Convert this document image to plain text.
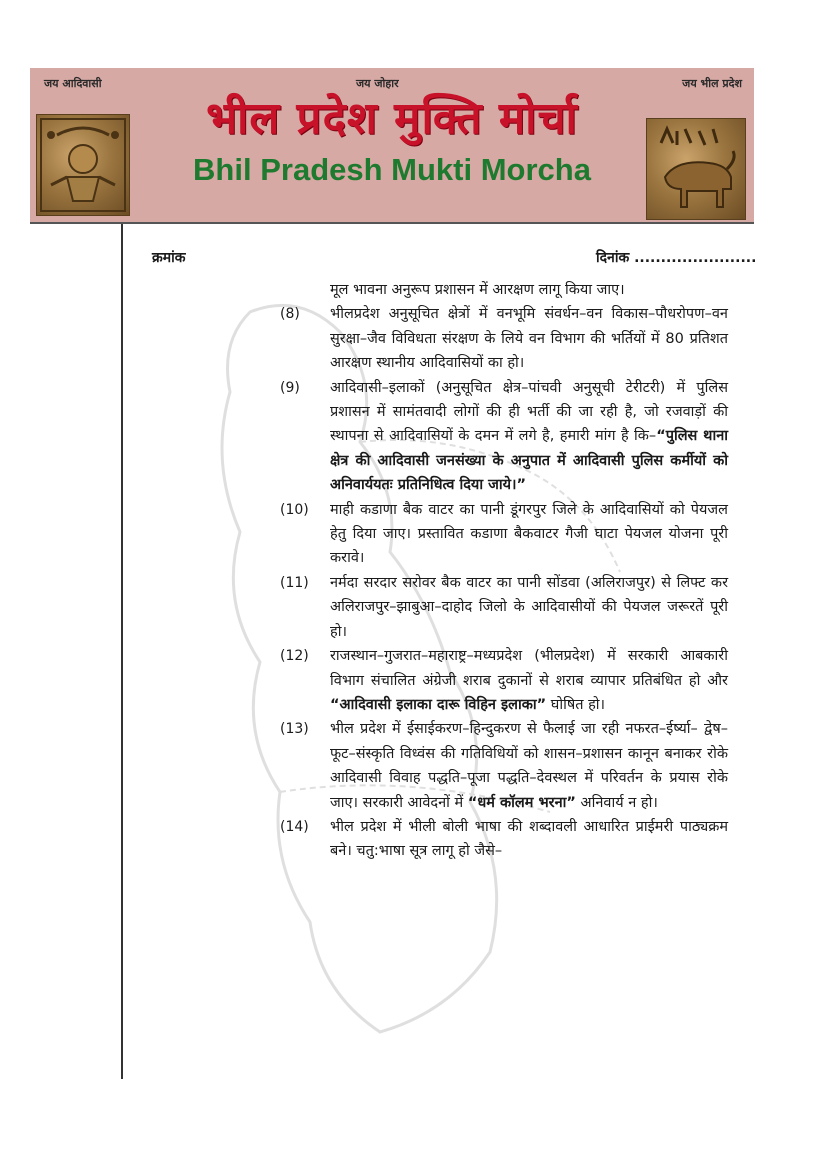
जय आदिवासी	जय जोहार	जय भील प्रदेश
भील प्रदेश मुक्ति मोर्चा
Bhil Pradesh Mukti Morcha
क्रमांक	दिनांक .......................
मूल भावना अनुरूप प्रशासन में आरक्षण लागू किया जाए।
(8)	भीलप्रदेश अनुसूचित क्षेत्रों में वनभूमि संवर्धन–वन विकास–पौधरोपण–वन सुरक्षा–जैव विविधता संरक्षण के लिये वन विभाग की भर्तियों में 80 प्रतिशत आरक्षण स्थानीय आदिवासियों का हो।
(9)	आदिवासी–इलाकों (अनुसूचित क्षेत्र–पांचवी अनुसूची टेरीटरी) में पुलिस प्रशासन में सामंतवादी लोगों की ही भर्ती की जा रही है, जो रजवाड़ों की स्थापना से आदिवासियों के दमन में लगे है, हमारी मांग है कि–“पुलिस थाना क्षेत्र की आदिवासी जनसंख्या के अनुपात में आदिवासी पुलिस कर्मीयों को अनिवार्ययतः प्रतिनिधित्व दिया जाये।”
(10)	माही कडाणा बैक वाटर का पानी डूंगरपुर जिले के आदिवासियों को पेयजल हेतु दिया जाए। प्रस्तावित कडाणा बैकवाटर गैजी घाटा पेयजल योजना पूरी करावे।
(11)	नर्मदा सरदार सरोवर बैक वाटर का पानी सोंडवा (अलिराजपुर) से लिफ्ट कर अलिराजपुर–झाबुआ–दाहोद जिलो के आदिवासीयों की पेयजल जरूरतें पूरी हो।
(12)	राजस्थान–गुजरात–महाराष्ट्र–मध्यप्रदेश (भीलप्रदेश) में सरकारी आबकारी विभाग संचालित अंग्रेजी शराब दुकानों से शराब व्यापार प्रतिबंधित हो और “आदिवासी इलाका दारू विहिन इलाका” घोषित हो।
(13)	भील प्रदेश में ईसाईकरण–हिन्दुकरण से फैलाई जा रही नफरत–ईर्ष्या– द्वेष–फूट–संस्कृति विध्वंस की गतिविधियों को शासन–प्रशासन कानून बनाकर रोके आदिवासी विवाह पद्धति–पूजा पद्धति–देवस्थल में परिवर्तन के प्रयास रोके जाए। सरकारी आवेदनों में “धर्म कॉलम भरना” अनिवार्य न हो।
(14)	भील प्रदेश में भीली बोली भाषा की शब्दावली आधारित प्राईमरी पाठ्यक्रम बने। चतु:भाषा सूत्र लागू हो जैसे–
